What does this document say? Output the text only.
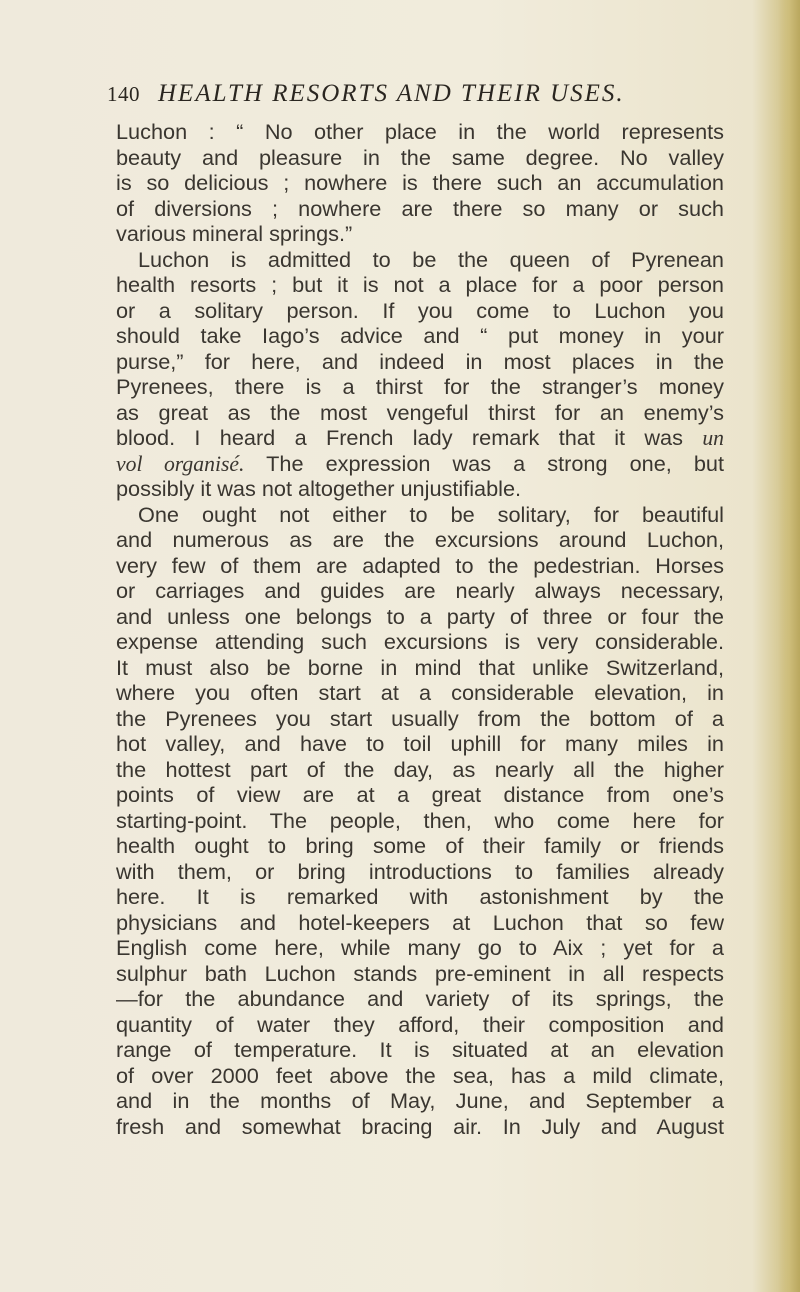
140 HEALTH RESORTS AND THEIR USES.
Luchon : “ No other place in the world represents
beauty and pleasure in the same degree. No valley
is so delicious ; nowhere is there such an accumulation
of diversions ; nowhere are there so many or such
various mineral springs.”
Luchon is admitted to be the queen of Pyrenean
health resorts ; but it is not a place for a poor person
or a solitary person. If you come to Luchon you
should take Iago’s advice and “ put money in your
purse,” for here, and indeed in most places in the
Pyrenees, there is a thirst for the stranger’s money
as great as the most vengeful thirst for an enemy’s
blood. I heard a French lady remark that it was un
vol organisé. The expression was a strong one, but
possibly it was not altogether unjustifiable.
One ought not either to be solitary, for beautiful
and numerous as are the excursions around Luchon,
very few of them are adapted to the pedestrian. Horses
or carriages and guides are nearly always necessary,
and unless one belongs to a party of three or four the
expense attending such excursions is very considerable.
It must also be borne in mind that unlike Switzerland,
where you often start at a considerable elevation, in
the Pyrenees you start usually from the bottom of a
hot valley, and have to toil uphill for many miles in
the hottest part of the day, as nearly all the higher
points of view are at a great distance from one’s
starting-point. The people, then, who come here for
health ought to bring some of their family or friends
with them, or bring introductions to families already
here. It is remarked with astonishment by the
physicians and hotel-keepers at Luchon that so few
English come here, while many go to Aix ; yet for a
sulphur bath Luchon stands pre-eminent in all respects
—for the abundance and variety of its springs, the
quantity of water they afford, their composition and
range of temperature. It is situated at an elevation
of over 2000 feet above the sea, has a mild climate,
and in the months of May, June, and September a
fresh and somewhat bracing air. In July and August
